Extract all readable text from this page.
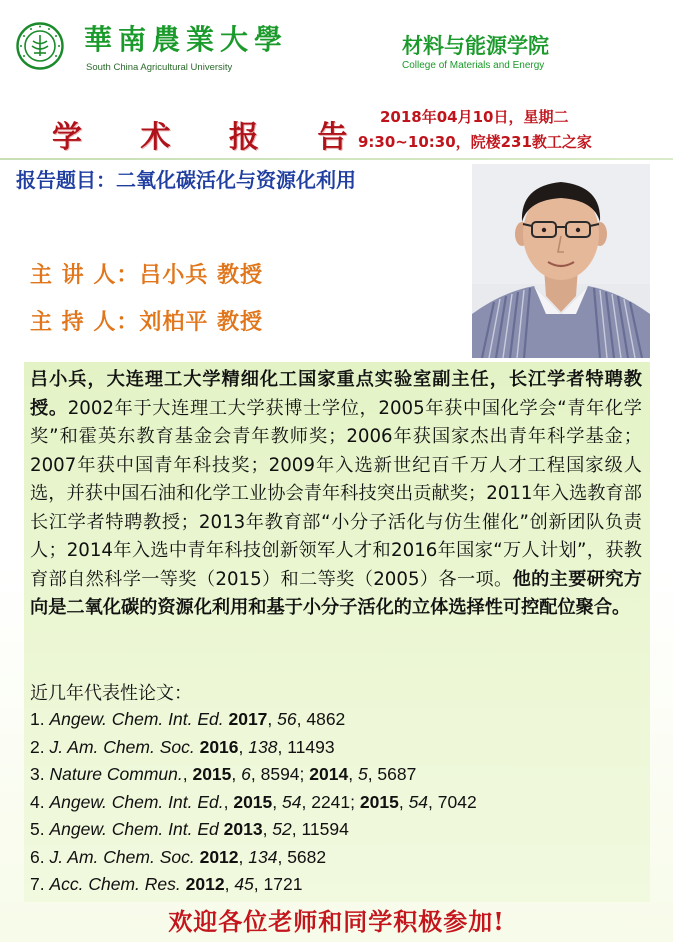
華南農業大學
South China Agricultural University
材料与能源学院
College of Materials and Energy
学 术 报 告
2018年04月10日，星期二
9:30~10:30，院楼231教工之家
报告题目：二氧化碳活化与资源化利用
主 讲 人：吕小兵 教授
主 持 人：刘柏平 教授
吕小兵，大连理工大学精细化工国家重点实验室副主任，长江学者特聘教授。2002年于大连理工大学获博士学位，2005年获中国化学会“青年化学奖”和霍英东教育基金会青年教师奖；2006年获国家杰出青年科学基金；2007年获中国青年科技奖；2009年入选新世纪百千万人才工程国家级人选，并获中国石油和化学工业协会青年科技突出贡献奖；2011年入选教育部长江学者特聘教授；2013年教育部“小分子活化与仿生催化”创新团队负责人；2014年入选中青年科技创新领军人才和2016年国家“万人计划”，获教育部自然科学一等奖（2015）和二等奖（2005）各一项。他的主要研究方向是二氧化碳的资源化利用和基于小分子活化的立体选择性可控配位聚合。
近几年代表性论文：
1. Angew. Chem. Int. Ed. 2017, 56, 4862
2. J. Am. Chem. Soc. 2016, 138, 11493
3. Nature Commun., 2015, 6, 8594; 2014, 5, 5687
4. Angew. Chem. Int. Ed., 2015, 54, 2241; 2015, 54, 7042
5. Angew. Chem. Int. Ed 2013, 52, 11594
6. J. Am. Chem. Soc. 2012, 134, 5682
7. Acc. Chem. Res. 2012, 45, 1721
欢迎各位老师和同学积极参加!
